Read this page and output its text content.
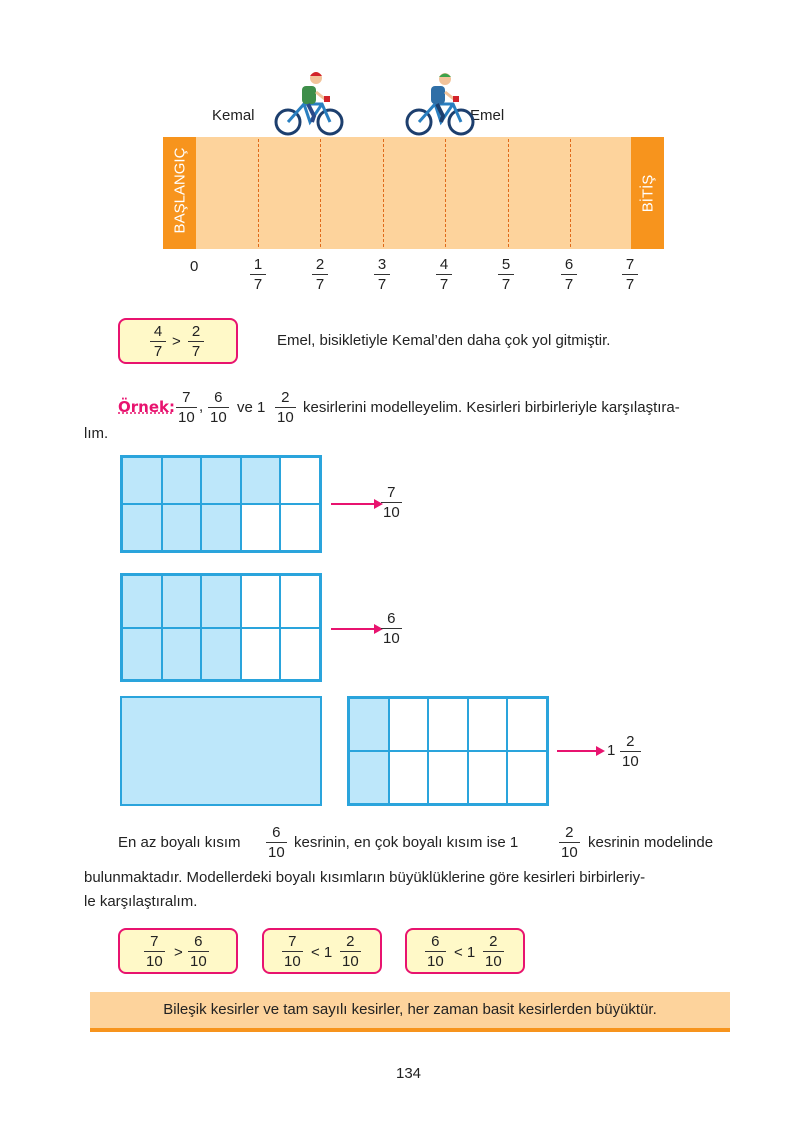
Kemal	Emel
BAŞLANGIÇ	BİTİŞ
0	1
7
2
7
3
7
4
7
5
7
6
7
7
7
4
7
>
2
7
Emel, bisikletiyle Kemal’den daha çok yol gitmiştir.
Örnek:
7
10
,
6
10
ve 1
2
10
kesirlerini modelleyelim. Kesirleri birbirleriyle karşılaştıra-
lım.
7
10
6
10
1
2
10
En az boyalı kısım
6
10
kesrinin, en çok boyalı kısım ise 1
2
10
kesrinin modelinde
bulunmaktadır. Modellerdeki boyalı kısımların büyüklüklerine göre kesirleri birbirleriy-
le karşılaştıralım.
7
10
>
6
10
7
10
< 1
2
10
6
10
< 1
2
10
Bileşik kesirler ve tam sayılı kesirler, her zaman basit kesirlerden büyüktür.
134
